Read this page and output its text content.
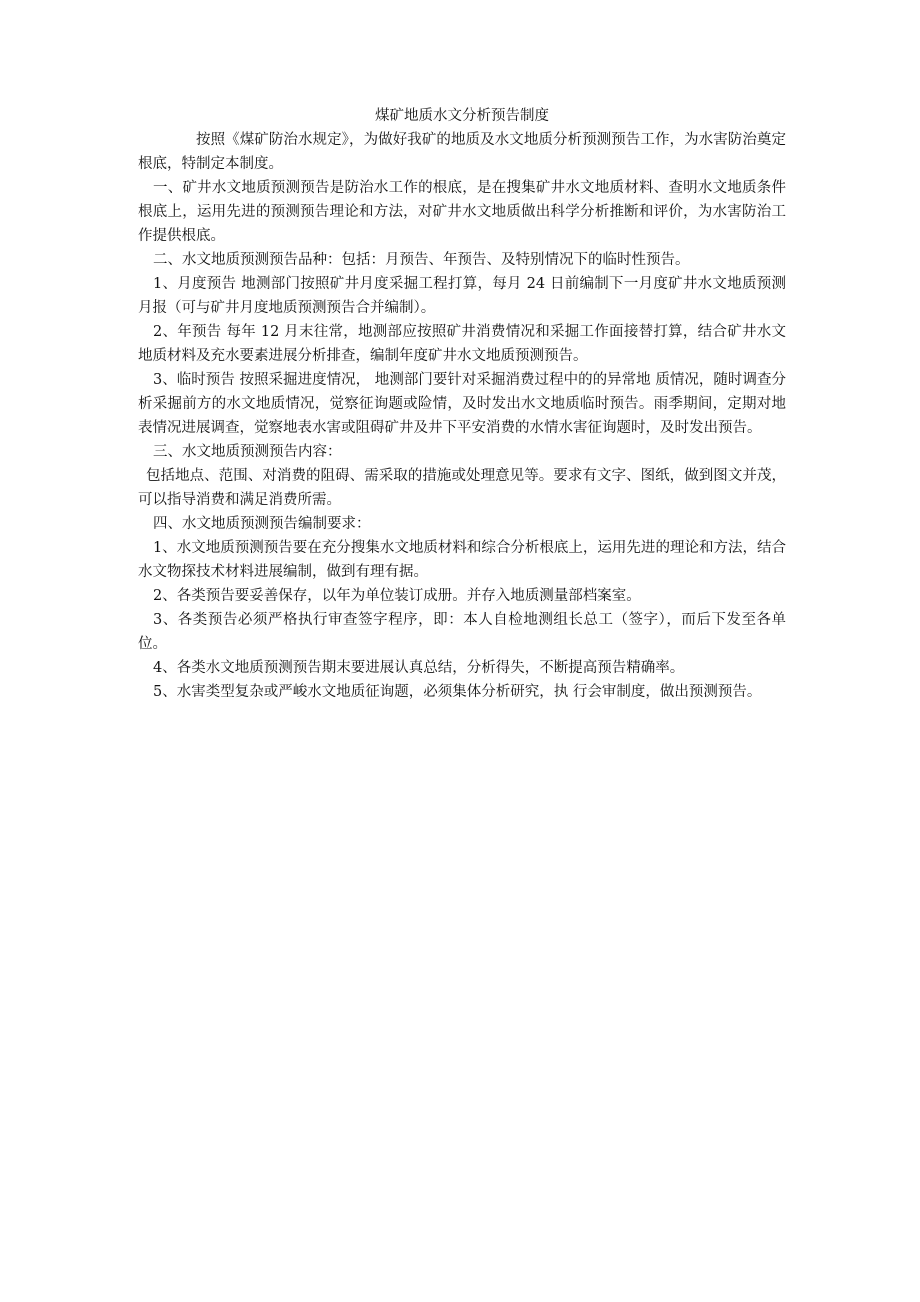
煤矿地质水文分析预告制度

按照《煤矿防治水规定》，为做好我矿的地质及水文地质分析预测预告工作，为水害防治奠定根底，特制定本制度。

一、矿井水文地质预测预告是防治水工作的根底，是在搜集矿井水文地质材料、查明水文地质条件根底上，运用先进的预测预告理论和方法，对矿井水文地质做出科学分析推断和评价，为水害防治工作提供根底。

二、水文地质预测预告品种：包括：月预告、年预告、及特别情况下的临时性预告。

1、月度预告 地测部门按照矿井月度采掘工程打算，每月 24 日前编制下一月度矿井水文地质预测月报（可与矿井月度地质预测预告合并编制）。

2、年预告 每年 12 月末往常，地测部应按照矿井消费情况和采掘工作面接替打算，结合矿井水文地质材料及充水要素进展分析排查，编制年度矿井水文地质预测预告。

3、临时预告 按照采掘进度情况， 地测部门要针对采掘消费过程中的的异常地 质情况，随时调查分析采掘前方的水文地质情况，觉察征询题或险情，及时发出水文地质临时预告。雨季期间，定期对地表情况进展调查，觉察地表水害或阻碍矿井及井下平安消费的水情水害征询题时，及时发出预告。

三、水文地质预测预告内容：

包括地点、范围、对消费的阻碍、需采取的措施或处理意见等。要求有文字、图纸，做到图文并茂，可以指导消费和满足消费所需。

四、水文地质预测预告编制要求：

1、水文地质预测预告要在充分搜集水文地质材料和综合分析根底上，运用先进的理论和方法，结合水文物探技术材料进展编制，做到有理有据。

2、各类预告要妥善保存，以年为单位装订成册。并存入地质测量部档案室。

3、各类预告必须严格执行审查签字程序，即：本人自检地测组长总工（签字），而后下发至各单位。

4、各类水文地质预测预告期末要进展认真总结，分析得失，不断提高预告精确率。

5、水害类型复杂或严峻水文地质征询题，必须集体分析研究，执 行会审制度，做出预测预告。
